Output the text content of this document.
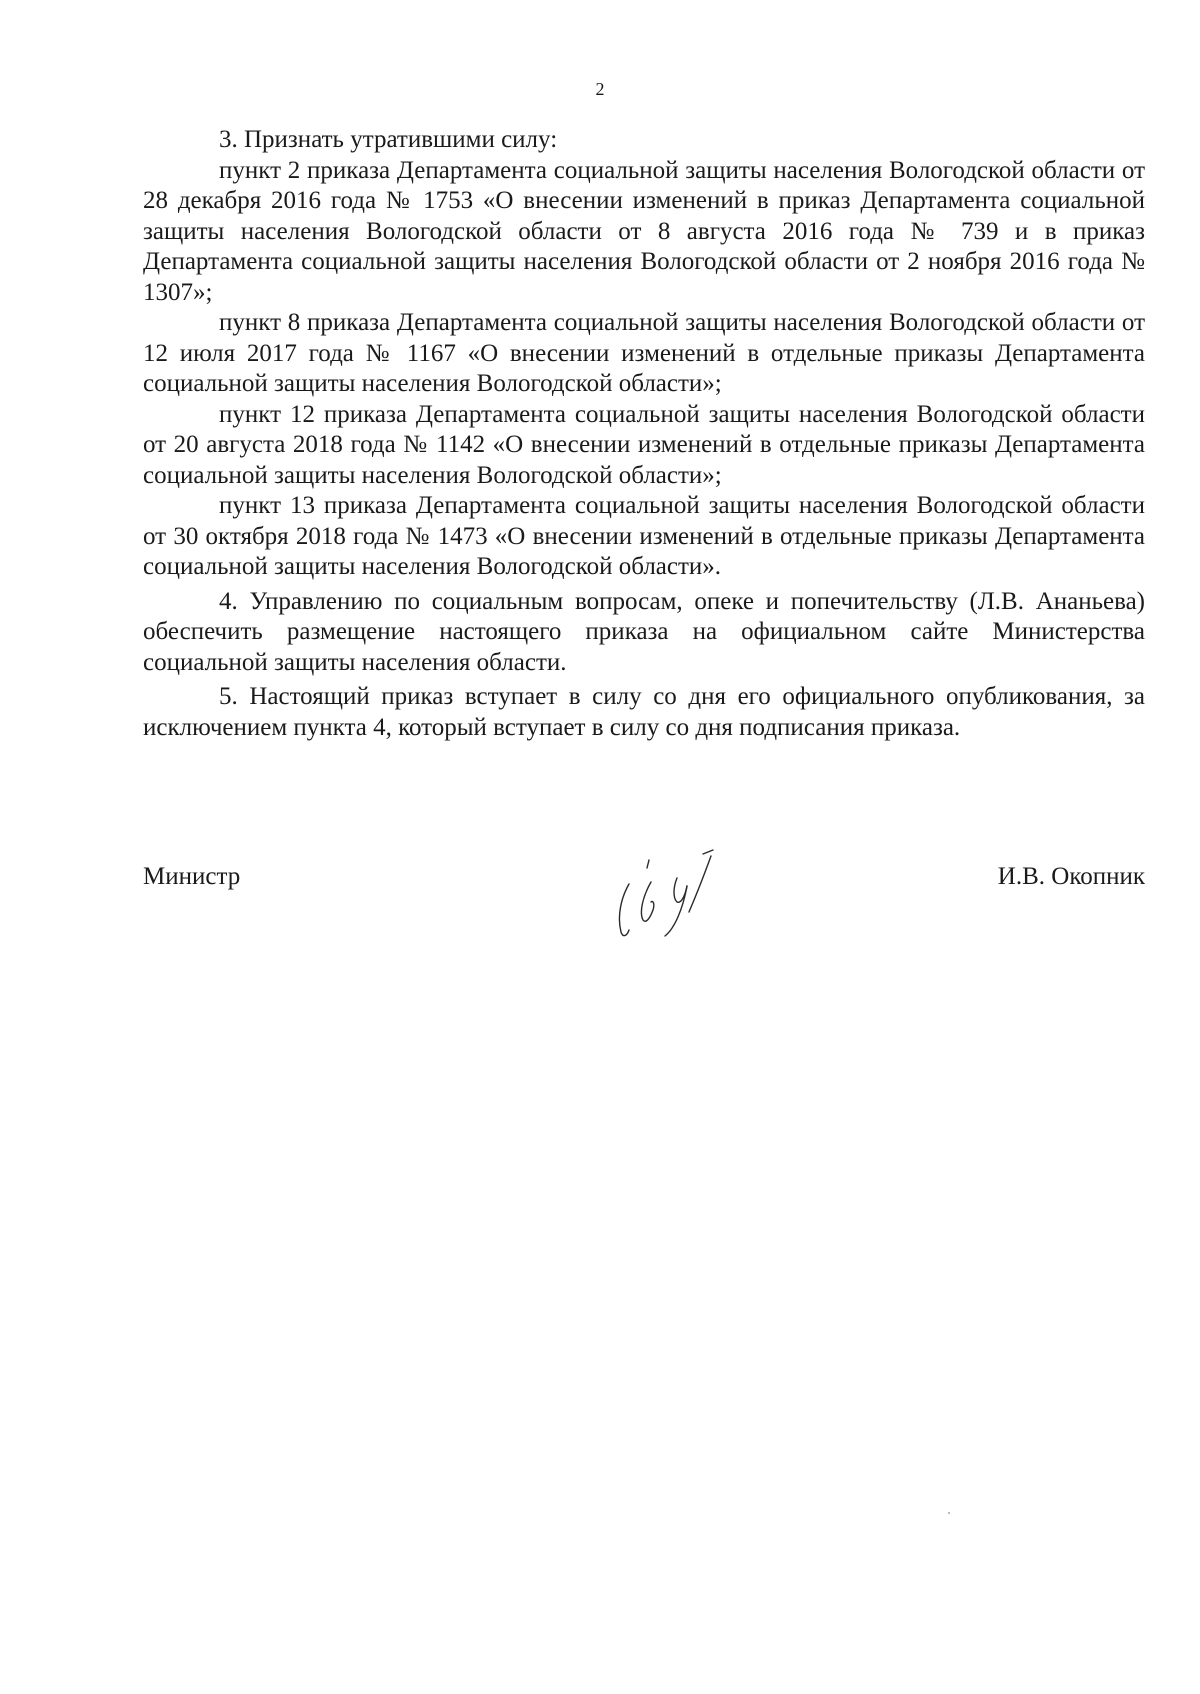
2

3. Признать утратившими силу:

пункт 2 приказа Департамента социальной защиты населения Вологодской области от 28 декабря 2016 года № 1753 «О внесении изменений в приказ Департамента социальной защиты населения Вологодской области от 8 августа 2016 года № 739 и в приказ Департамента социальной защиты населения Вологодской области от 2 ноября 2016 года № 1307»;

пункт 8 приказа Департамента социальной защиты населения Вологодской области от 12 июля 2017 года № 1167 «О внесении изменений в отдельные приказы Департамента социальной защиты населения Вологодской области»;

пункт 12 приказа Департамента социальной защиты населения Вологодской области от 20 августа 2018 года № 1142 «О внесении изменений в отдельные приказы Департамента социальной защиты населения Вологодской области»;

пункт 13 приказа Департамента социальной защиты населения Вологодской области от 30 октября 2018 года № 1473 «О внесении изменений в отдельные приказы Департамента социальной защиты населения Вологодской области».

4. Управлению по социальным вопросам, опеке и попечительству (Л.В. Ананьева) обеспечить размещение настоящего приказа на официальном сайте Министерства социальной защиты населения области.

5. Настоящий приказ вступает в силу со дня его официального опубликования, за исключением пункта 4, который вступает в силу со дня подписания приказа.

Министр	И.В. Окопник
